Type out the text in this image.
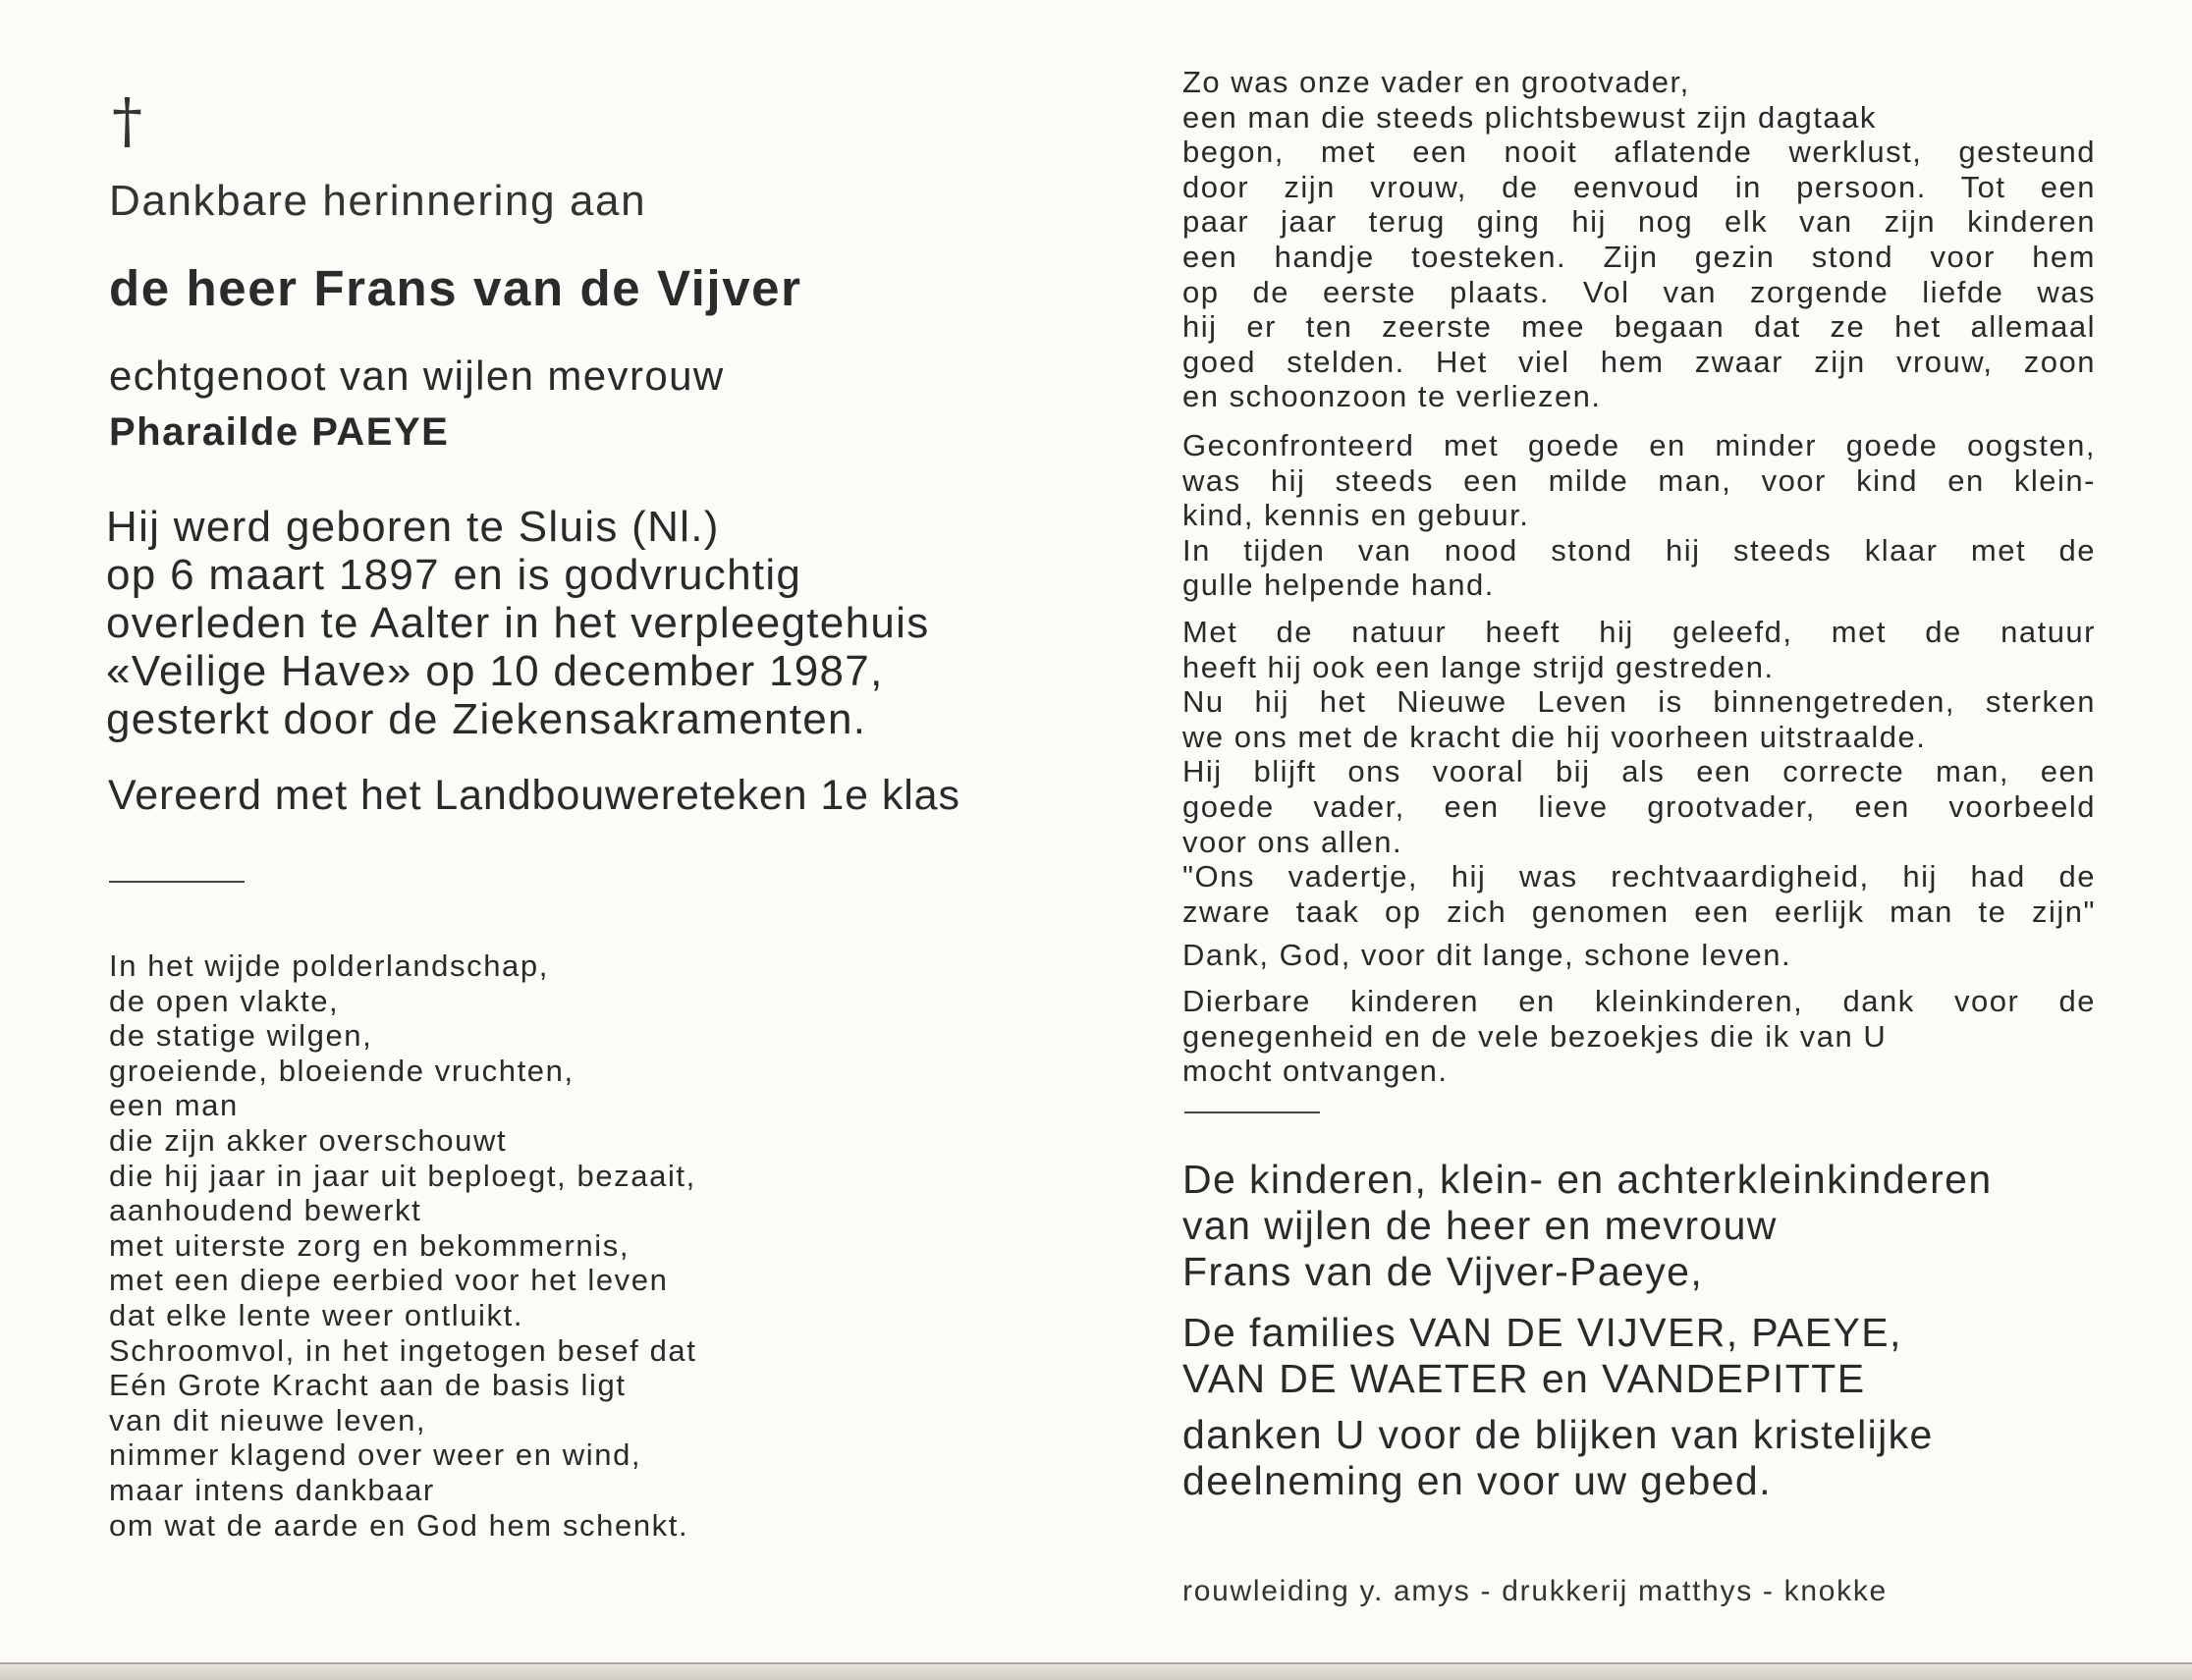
†
Dankbare herinnering aan
de heer Frans van de Vijver
echtgenoot van wijlen mevrouw
Pharailde PAEYE
Hij werd geboren te Sluis (Nl.)
op 6 maart 1897 en is godvruchtig
overleden te Aalter in het verpleegtehuis
«Veilige Have» op 10 december 1987,
gesterkt door de Ziekensakramenten.
Vereerd met het Landbouwereteken 1e klas
In het wijde polderlandschap,
de open vlakte,
de statige wilgen,
groeiende, bloeiende vruchten,
een man
die zijn akker overschouwt
die hij jaar in jaar uit beploegt, bezaait,
aanhoudend bewerkt
met uiterste zorg en bekommernis,
met een diepe eerbied voor het leven
dat elke lente weer ontluikt.
Schroomvol, in het ingetogen besef dat
Eén Grote Kracht aan de basis ligt
van dit nieuwe leven,
nimmer klagend over weer en wind,
maar intens dankbaar
om wat de aarde en God hem schenkt.
Zo was onze vader en grootvader,
een man die steeds plichtsbewust zijn dagtaak
begon, met een nooit aflatende werklust, gesteund
door zijn vrouw, de eenvoud in persoon. Tot een
paar jaar terug ging hij nog elk van zijn kinderen
een handje toesteken. Zijn gezin stond voor hem
op de eerste plaats. Vol van zorgende liefde was
hij er ten zeerste mee begaan dat ze het allemaal
goed stelden. Het viel hem zwaar zijn vrouw, zoon
en schoonzoon te verliezen.
Geconfronteerd met goede en minder goede oogsten,
was hij steeds een milde man, voor kind en klein-
kind, kennis en gebuur.
In tijden van nood stond hij steeds klaar met de
gulle helpende hand.
Met de natuur heeft hij geleefd, met de natuur
heeft hij ook een lange strijd gestreden.
Nu hij het Nieuwe Leven is binnengetreden, sterken
we ons met de kracht die hij voorheen uitstraalde.
Hij blijft ons vooral bij als een correcte man, een
goede vader, een lieve grootvader, een voorbeeld
voor ons allen.
"Ons vadertje, hij was rechtvaardigheid, hij had de
zware taak op zich genomen een eerlijk man te zijn"
Dank, God, voor dit lange, schone leven.
Dierbare kinderen en kleinkinderen, dank voor de
genegenheid en de vele bezoekjes die ik van U
mocht ontvangen.
De kinderen, klein- en achterkleinkinderen
van wijlen de heer en mevrouw
Frans van de Vijver-Paeye,
De families VAN DE VIJVER, PAEYE,
VAN DE WAETER en VANDEPITTE
danken U voor de blijken van kristelijke
deelneming en voor uw gebed.
rouwleiding y. amys - drukkerij matthys - knokke
